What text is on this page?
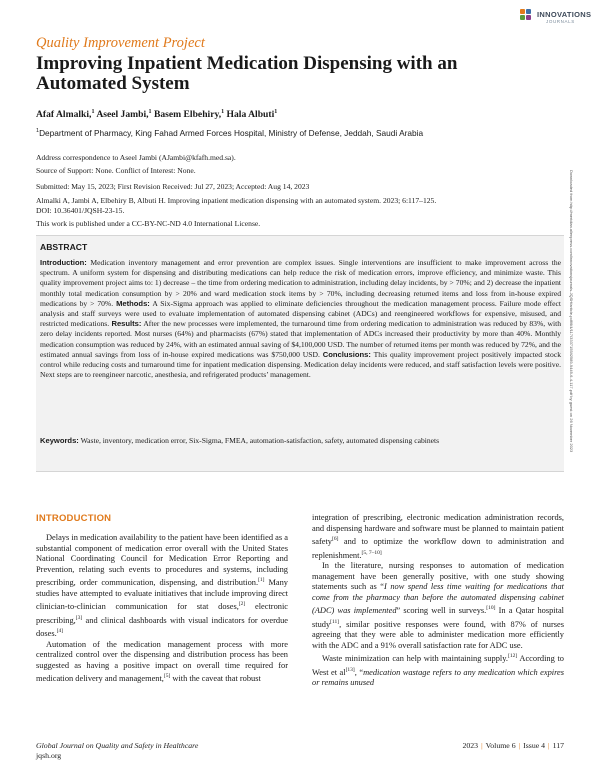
INNOVATIONS
JOURNALS
Quality Improvement Project
Improving Inpatient Medication Dispensing with an Automated System
Afaf Almalki,$^1$ Aseel Jambi,$^1$ Basem Elbehiry,$^1$ Hala Albuti$^1$
$^1$Department of Pharmacy, King Fahad Armed Forces Hospital, Ministry of Defense, Jeddah, Saudi Arabia
Address correspondence to Aseel Jambi (AJambi@kfafh.med.sa).
Source of Support: None. Conflict of Interest: None.
Submitted: May 15, 2023; First Revision Received: Jul 27, 2023; Accepted: Aug 14, 2023
Almalki A, Jambi A, Elbehiry B, Albuti H. Improving inpatient medication dispensing with an automated system. 2023; 6:117–125.
DOI: 10.36401/JQSH-23-15.
This work is published under a CC-BY-NC-ND 4.0 International License.	Downloaded from http://meridian.allenpress.com/innovationsjournals-JQSH/article-pdf/6/4/117/3337155/i2589-9449-6-4-117.pdf by guest on 26 November 2023
ABSTRACT
Introduction: Medication inventory management and error prevention are complex issues. Single interventions are insufficient to make improvement across the spectrum. A uniform system for dispensing and distributing medications can help reduce the risk of medication errors, improve efficiency, and minimize waste. This quality improvement project aims to: 1) decrease – the time from ordering medication to administration, including delay incidents, by > 70%; and 2) decrease the inpatient monthly total medication consumption by > 20% and ward medication stock items by > 70%, including decreasing returned items and loss from in-house expired medications by > 70%. Methods: A Six-Sigma approach was applied to eliminate deficiencies throughout the medication management process. Failure mode effect analysis and staff surveys were used to evaluate implementation of automated dispensing cabinet (ADCs) and reengineered workflows for expensive, misused, and restricted medications. Results: After the new processes were implemented, the turnaround time from ordering medication to administration was reduced by 83%, with zero delay incidents reported. Most nurses (64%) and pharmacists (67%) stated that implementation of ADCs increased their productivity by more than 40%. Monthly medication consumption was reduced by 24%, with an estimated annual saving of $4,100,000 USD. The number of returned items per month was reduced by 72%, and the estimated annual savings from loss of in-house expired medications was $750,000 USD. Conclusions: This quality improvement project positively impacted stock control while reducing costs and turnaround time for inpatient medication dispensing. Medication delay incidents were reduced, and staff satisfaction levels were positive. Next steps are to reengineer narcotic, anesthesia, and refrigerated products’ management.
Keywords: Waste, inventory, medication error, Six-Sigma, FMEA, automation-satisfaction, safety, automated dispensing cabinets
INTRODUCTION

Delays in medication availability to the patient have been identified as a substantial component of medication error overall with the United States National Coordinating Council for Medication Error Reporting and Prevention, relating such events to procedures and systems, including prescribing, order communication, dispensing, and distribution.[1] Many studies have attempted to evaluate initiatives that include improving direct clinician-to-clinician communication for stat doses,[2] electronic prescribing,[3] and clinical dashboards with visual indicators for overdue doses.[4]

Automation of the medication management process with more centralized control over the dispensing and distribution process has been suggested as having a positive impact on overall time required for medication delivery and management,[5] with the caveat that robust

integration of prescribing, electronic medication administration records, and dispensing hardware and software must be planned to maintain patient safety[6] and to optimize the workflow down to administration and replenishment.[5, 7–10]

In the literature, nursing responses to automation of medication management have been generally positive, with one study showing statements such as “I now spend less time waiting for medications that come from the pharmacy than before the automated dispensing cabinet (ADC) was implemented” scoring well in surveys.[10] In a Qatar hospital study[11], similar positive responses were found, with 87% of nurses agreeing that they were able to administer medication more efficiently with the ADC and a 91% overall satisfaction rate for ADC use.

Waste minimization can help with maintaining supply.[12] According to West et al[13], “medication wastage refers to any medication which expires or remains unused

Global Journal on Quality and Safety in Healthcare
jqsh.org
2023 | Volume 6 | Issue 4 | 117
